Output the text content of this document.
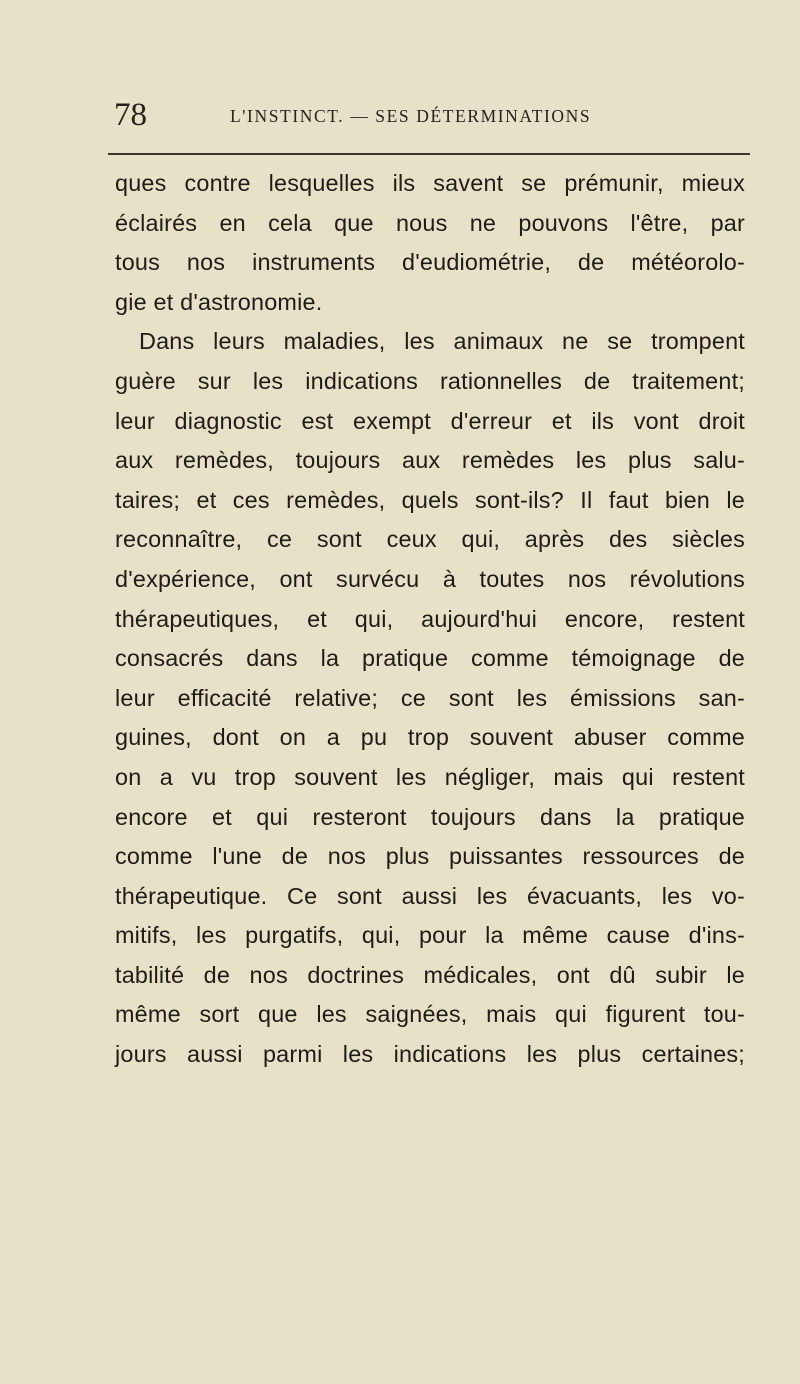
78	L'INSTINCT. — SES DÉTERMINATIONS
ques contre lesquelles ils savent se prémunir, mieux
éclairés en cela que nous ne pouvons l'être, par
tous nos instruments d'eudiométrie, de météorolo-
gie et d'astronomie.
Dans leurs maladies, les animaux ne se trompent
guère sur les indications rationnelles de traitement;
leur diagnostic est exempt d'erreur et ils vont droit
aux remèdes, toujours aux remèdes les plus salu-
taires; et ces remèdes, quels sont-ils? Il faut bien le
reconnaître, ce sont ceux qui, après des siècles
d'expérience, ont survécu à toutes nos révolutions
thérapeutiques, et qui, aujourd'hui encore, restent
consacrés dans la pratique comme témoignage de
leur efficacité relative; ce sont les émissions san-
guines, dont on a pu trop souvent abuser comme
on a vu trop souvent les négliger, mais qui restent
encore et qui resteront toujours dans la pratique
comme l'une de nos plus puissantes ressources de
thérapeutique. Ce sont aussi les évacuants, les vo-
mitifs, les purgatifs, qui, pour la même cause d'ins-
tabilité de nos doctrines médicales, ont dû subir le
même sort que les saignées, mais qui figurent tou-
jours aussi parmi les indications les plus certaines;
